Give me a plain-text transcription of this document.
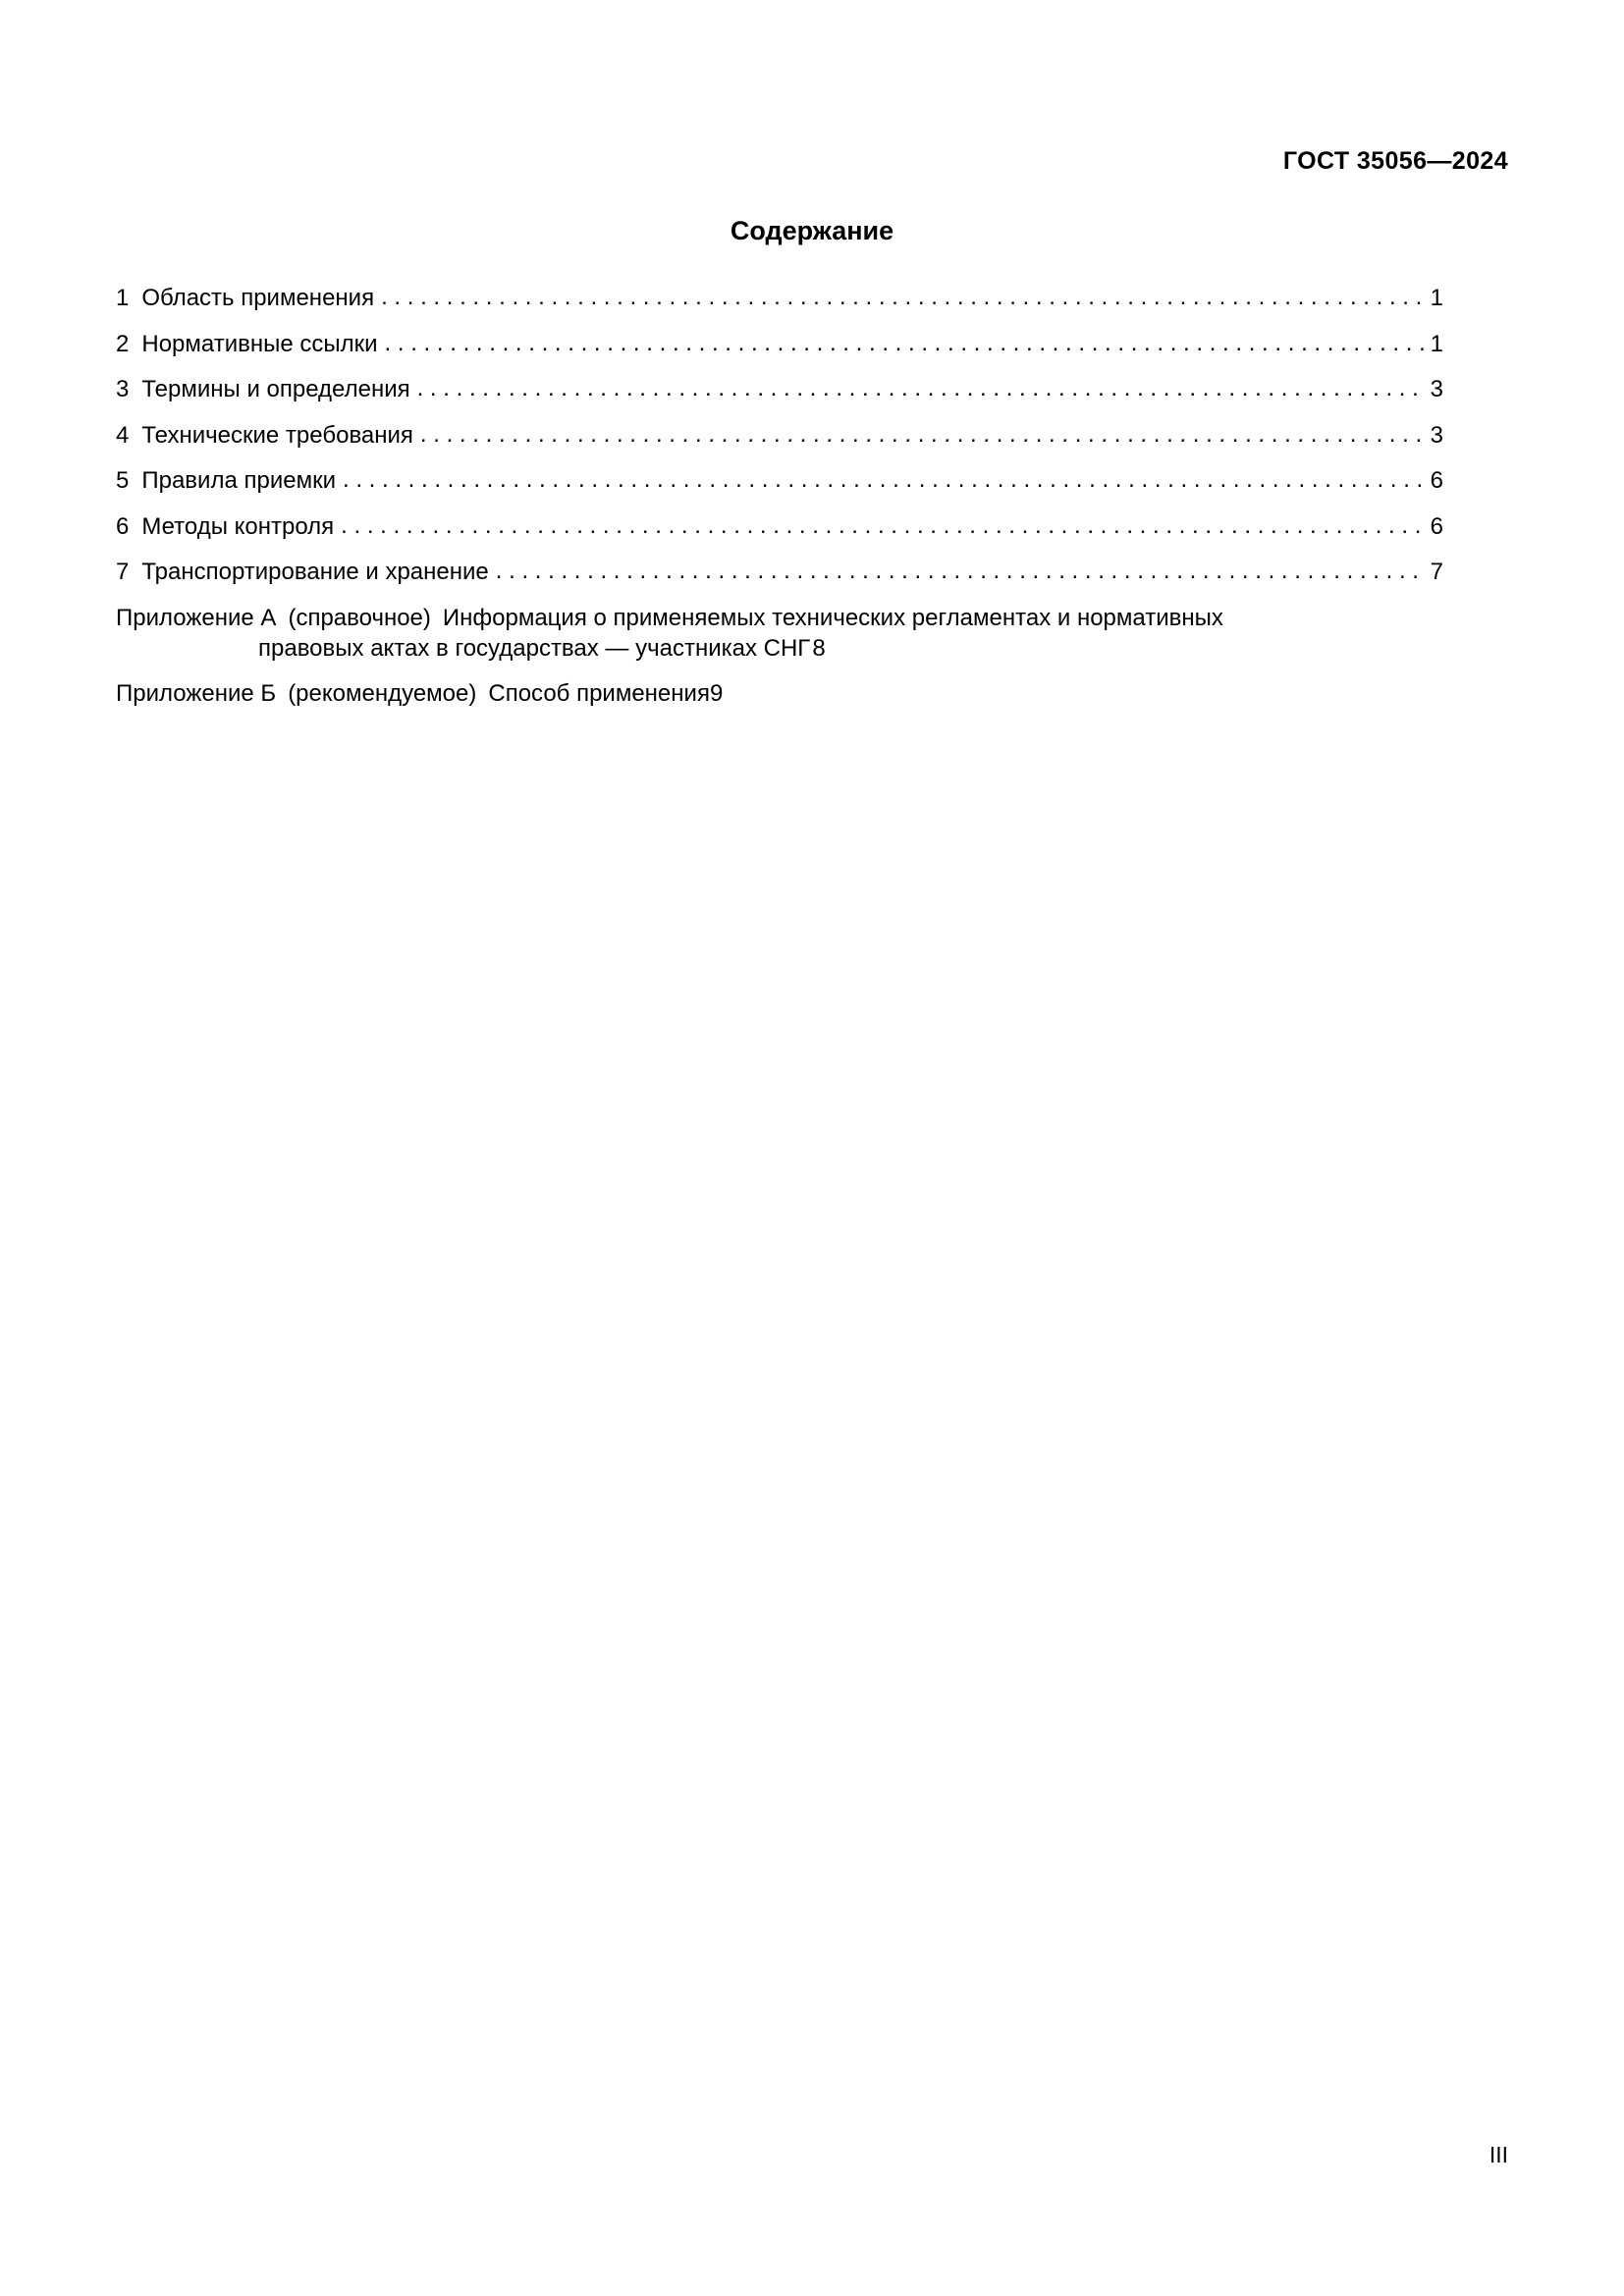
ГОСТ 35056—2024
Содержание
1 Область применения . . .	1
2 Нормативные ссылки . . .	1
3 Термины и определения . . .	3
4 Технические требования . . .	3
5 Правила приемки . . .	6
6 Методы контроля . . .	6
7 Транспортирование и хранение . . .	7
Приложение А (справочное) Информация о применяемых технических регламентах и нормативных
правовых актах в государствах — участниках СНГ 8
Приложение Б (рекомендуемое) Способ применения 9
III
